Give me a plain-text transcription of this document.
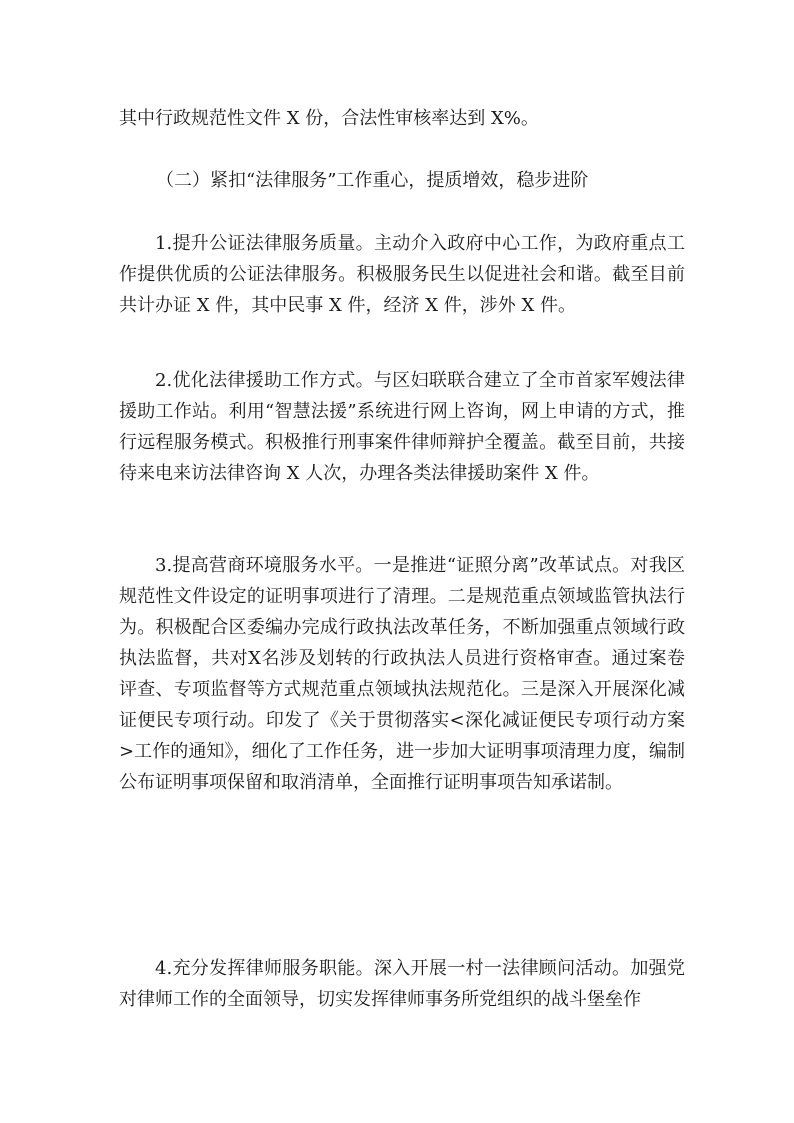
其中行政规范性文件 X 份，合法性审核率达到 X%。
（二）紧扣“法律服务”工作重心，提质增效，稳步进阶
1.提升公证法律服务质量。主动介入政府中心工作，为政府重点工作提供优质的公证法律服务。积极服务民生以促进社会和谐。截至目前共计办证 X 件，其中民事 X 件，经济 X 件，涉外 X 件。
2.优化法律援助工作方式。与区妇联联合建立了全市首家军嫂法律援助工作站。利用“智慧法援”系统进行网上咨询，网上申请的方式，推行远程服务模式。积极推行刑事案件律师辩护全覆盖。截至目前，共接待来电来访法律咨询 X 人次，办理各类法律援助案件 X 件。
3.提高营商环境服务水平。一是推进“证照分离”改革试点。对我区规范性文件设定的证明事项进行了清理。二是规范重点领域监管执法行为。积极配合区委编办完成行政执法改革任务，不断加强重点领域行政执法监督，共对X名涉及划转的行政执法人员进行资格审查。通过案卷评查、专项监督等方式规范重点领域执法规范化。三是深入开展深化减证便民专项行动。印发了《关于贯彻落实<深化减证便民专项行动方案>工作的通知》，细化了工作任务，进一步加大证明事项清理力度，编制公布证明事项保留和取消清单，全面推行证明事项告知承诺制。
4.充分发挥律师服务职能。深入开展一村一法律顾问活动。加强党对律师工作的全面领导，切实发挥律师事务所党组织的战斗堡垒作
